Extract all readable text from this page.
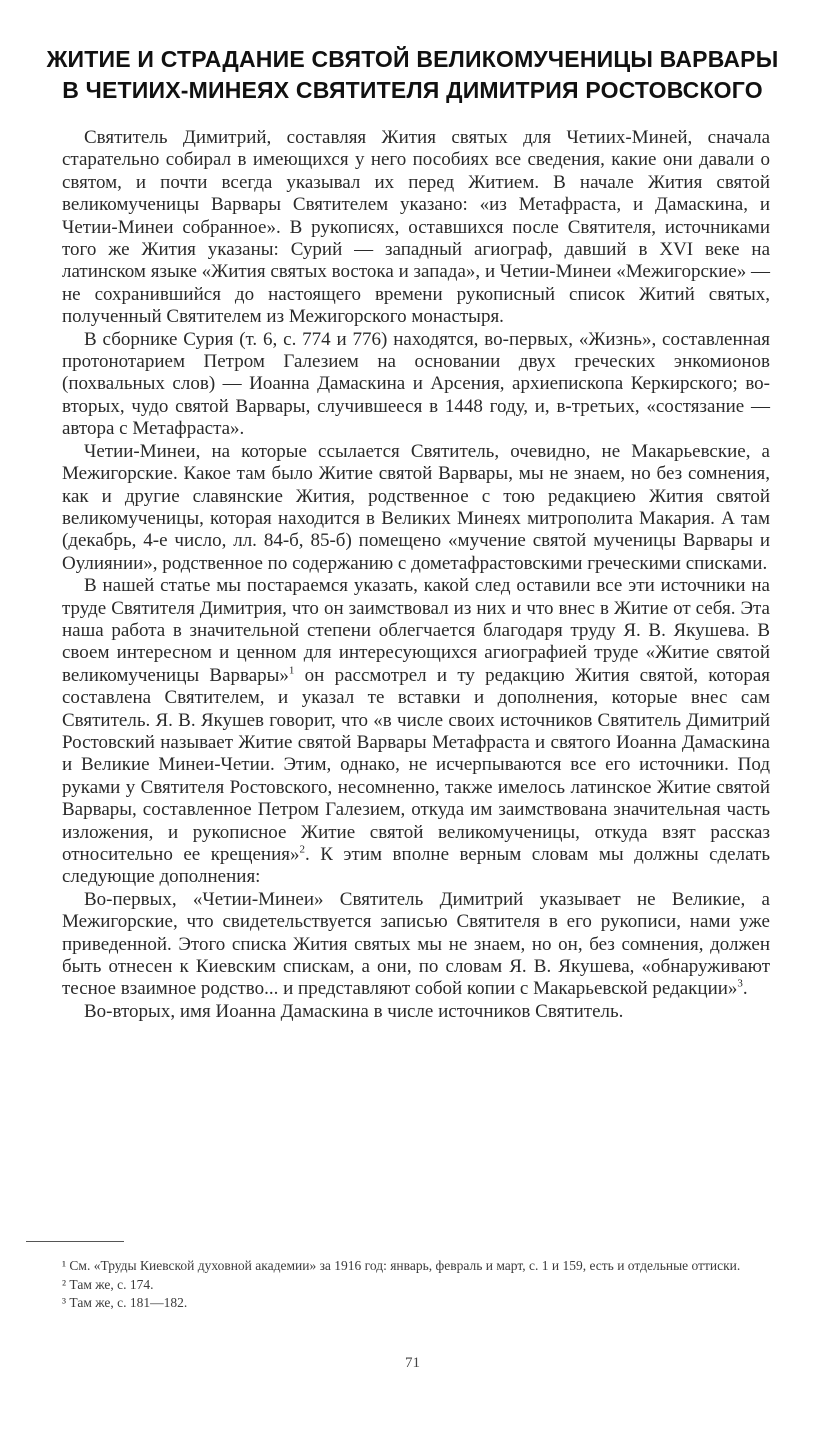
ЖИТИЕ И СТРАДАНИЕ СВЯТОЙ ВЕЛИКОМУЧЕНИЦЫ ВАРВАРЫ
В ЧЕТИИХ-МИНЕЯХ СВЯТИТЕЛЯ ДИМИТРИЯ РОСТОВСКОГО

Святитель Димитрий, составляя Жития святых для Четиих-Миней, сначала старательно собирал в имеющихся у него пособиях все сведения, какие они давали о святом, и почти всегда указывал их перед Житием. В начале Жития святой великомученицы Варвары Святителем указано: «из Метафраста, и Дамаскина, и Четии-Минеи собранное». В рукописях, оставшихся после Святителя, источниками того же Жития указаны: Сурий — западный агиограф, давший в XVI веке на латинском языке «Жития святых востока и запада», и Четии-Минеи «Межигорские» — не сохранившийся до настоящего времени рукописный список Житий святых, полученный Святителем из Межигорского монастыря.

В сборнике Сурия (т. 6, с. 774 и 776) находятся, во-первых, «Жизнь», составленная протонотарием Петром Галезием на основании двух греческих энкомионов (похвальных слов) — Иоанна Дамаскина и Арсения, архиепископа Керкирского; во-вторых, чудо святой Варвары, случившееся в 1448 году, и, в-третьих, «состязание — автора с Метафраста».

Четии-Минеи, на которые ссылается Святитель, очевидно, не Макарьевские, а Межигорские. Какое там было Житие святой Варвары, мы не знаем, но без сомнения, как и другие славянские Жития, родственное с тою редакциею Жития святой великомученицы, которая находится в Великих Минеях митрополита Макария. А там (декабрь, 4-е число, лл. 84-б, 85-б) помещено «мучение святой мученицы Варвары и Оулиянии», родственное по содержанию с дометафрастовскими греческими списками.

В нашей статье мы постараемся указать, какой след оставили все эти источники на труде Святителя Димитрия, что он заимствовал из них и что внес в Житие от себя. Эта наша работа в значительной степени облегчается благодаря труду Я. В. Якушева. В своем интересном и ценном для интересующихся агиографией труде «Житие святой великомученицы Варвары»$^1$ он рассмотрел и ту редакцию Жития святой, которая составлена Святителем, и указал те вставки и дополнения, которые внес сам Святитель. Я. В. Якушев говорит, что «в числе своих источников Святитель Димитрий Ростовский называет Житие святой Варвары Метафраста и святого Иоанна Дамаскина и Великие Минеи-Четии. Этим, однако, не исчерпываются все его источники. Под руками у Святителя Ростовского, несомненно, также имелось латинское Житие святой Варвары, составленное Петром Галезием, откуда им заимствована значительная часть изложения, и рукописное Житие святой великомученицы, откуда взят рассказ относительно ее крещения»$^2$. К этим вполне верным словам мы должны сделать следующие дополнения:

Во-первых, «Четии-Минеи» Святитель Димитрий указывает не Великие, а Межигорские, что свидетельствуется записью Святителя в его рукописи, нами уже приведенной. Этого списка Жития святых мы не знаем, но он, без сомнения, должен быть отнесен к Киевским спискам, а они, по словам Я. В. Якушева, «обнаруживают тесное взаимное родство... и представляют собой копии с Макарьевской редакции»$^3$.

Во-вторых, имя Иоанна Дамаскина в числе источников Святитель.

¹ См. «Труды Киевской духовной академии» за 1916 год: январь, февраль и март, с. 1 и 159, есть и отдельные оттиски.
² Там же, с. 174.
³ Там же, с. 181—182.
71
